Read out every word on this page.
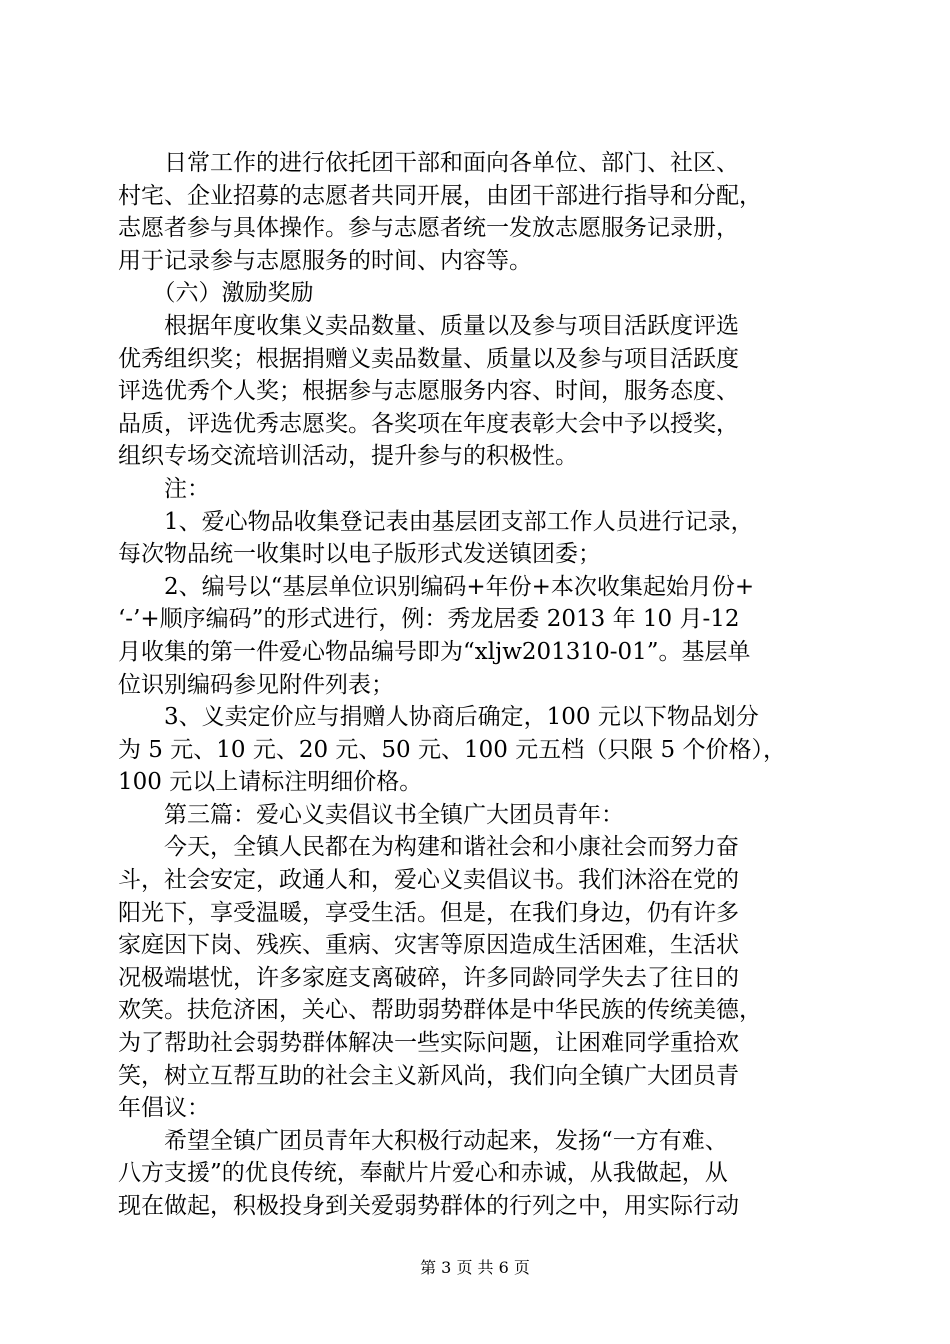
　　日常工作的进行依托团干部和面向各单位、部门、社区、
村宅、企业招募的志愿者共同开展，由团干部进行指导和分配，
志愿者参与具体操作。参与志愿者统一发放志愿服务记录册，
用于记录参与志愿服务的时间、内容等。
　　（六）激励奖励
　　根据年度收集义卖品数量、质量以及参与项目活跃度评选
优秀组织奖；根据捐赠义卖品数量、质量以及参与项目活跃度
评选优秀个人奖；根据参与志愿服务内容、时间，服务态度、
品质，评选优秀志愿奖。各奖项在年度表彰大会中予以授奖，
组织专场交流培训活动，提升参与的积极性。
　　注：
　　1、爱心物品收集登记表由基层团支部工作人员进行记录，
每次物品统一收集时以电子版形式发送镇团委；
　　2、编号以“基层单位识别编码+年份+本次收集起始月份+
‘-’+顺序编码”的形式进行，例：秀龙居委 2013 年 10 月-12
月收集的第一件爱心物品编号即为“xljw201310-01”。基层单
位识别编码参见附件列表；
　　3、义卖定价应与捐赠人协商后确定，100 元以下物品划分
为 5 元、10 元、20 元、50 元、100 元五档（只限 5 个价格），
100 元以上请标注明细价格。
　　第三篇：爱心义卖倡议书全镇广大团员青年：
　　今天，全镇人民都在为构建和谐社会和小康社会而努力奋
斗，社会安定，政通人和，爱心义卖倡议书。我们沐浴在党的
阳光下，享受温暖，享受生活。但是，在我们身边，仍有许多
家庭因下岗、残疾、重病、灾害等原因造成生活困难，生活状
况极端堪忧，许多家庭支离破碎，许多同龄同学失去了往日的
欢笑。扶危济困，关心、帮助弱势群体是中华民族的传统美德，
为了帮助社会弱势群体解决一些实际问题，让困难同学重拾欢
笑，树立互帮互助的社会主义新风尚，我们向全镇广大团员青
年倡议：
　　希望全镇广团员青年大积极行动起来，发扬“一方有难、
八方支援”的优良传统，奉献片片爱心和赤诚，从我做起，从
现在做起，积极投身到关爱弱势群体的行列之中，用实际行动
第 3 页 共 6 页
